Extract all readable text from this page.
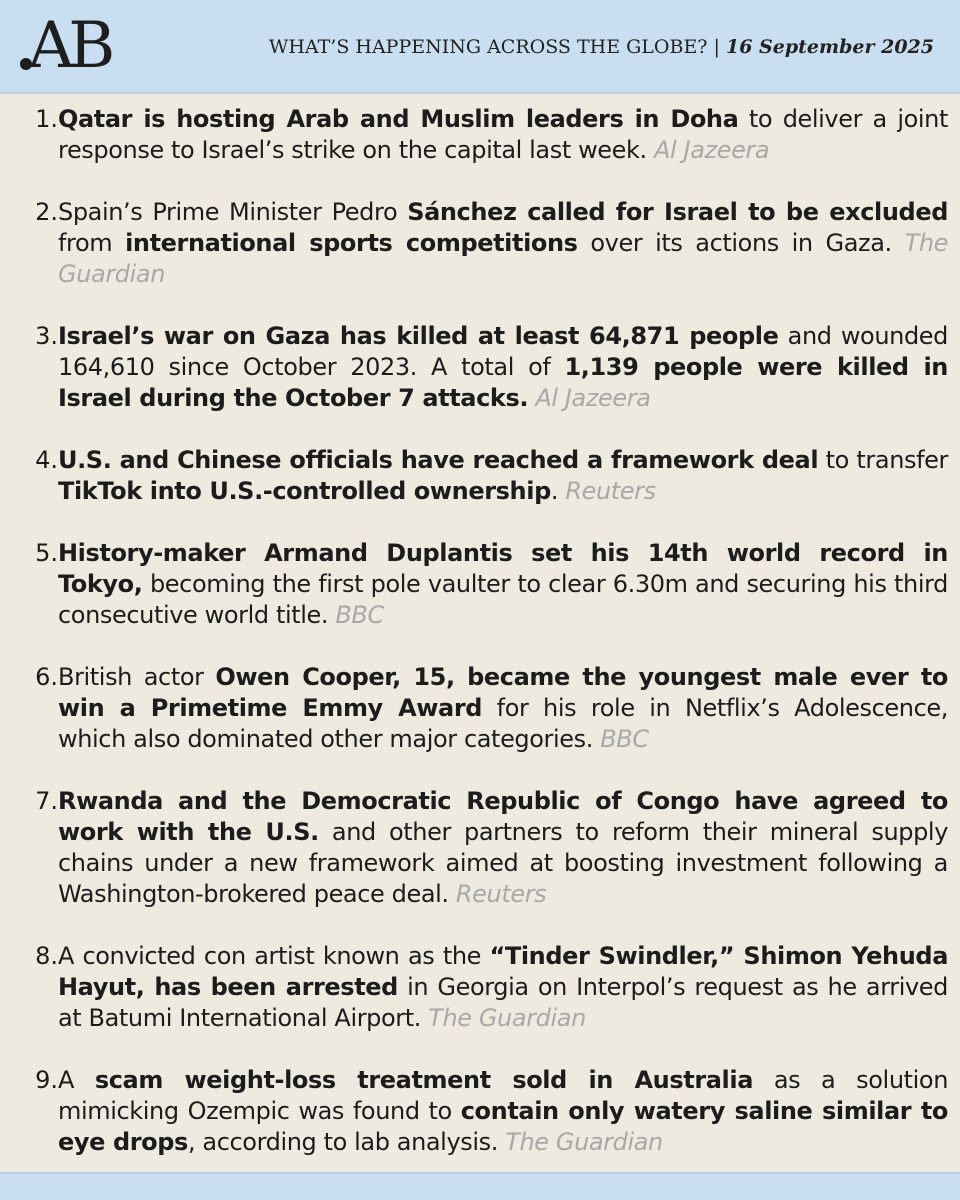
AB	WHAT’S HAPPENING ACROSS THE GLOBE? | 16 September 2025
1. Qatar is hosting Arab and Muslim leaders in Doha to deliver a joint response to Israel’s strike on the capital last week. Al Jazeera
2. Spain’s Prime Minister Pedro Sánchez called for Israel to be excluded from international sports competitions over its actions in Gaza. The Guardian
3. Israel’s war on Gaza has killed at least 64,871 people and wounded 164,610 since October 2023. A total of 1,139 people were killed in Israel during the October 7 attacks. Al Jazeera
4. U.S. and Chinese officials have reached a framework deal to transfer TikTok into U.S.-controlled ownership. Reuters
5. History-maker Armand Duplantis set his 14th world record in Tokyo, becoming the first pole vaulter to clear 6.30m and securing his third consecutive world title. BBC
6. British actor Owen Cooper, 15, became the youngest male ever to win a Primetime Emmy Award for his role in Netflix’s Adolescence, which also dominated other major categories. BBC
7. Rwanda and the Democratic Republic of Congo have agreed to work with the U.S. and other partners to reform their mineral supply chains under a new framework aimed at boosting investment following a Washington-brokered peace deal. Reuters
8. A convicted con artist known as the “Tinder Swindler,” Shimon Yehuda Hayut, has been arrested in Georgia on Interpol’s request as he arrived at Batumi International Airport. The Guardian
9. A scam weight-loss treatment sold in Australia as a solution mimicking Ozempic was found to contain only watery saline similar to eye drops, according to lab analysis. The Guardian
